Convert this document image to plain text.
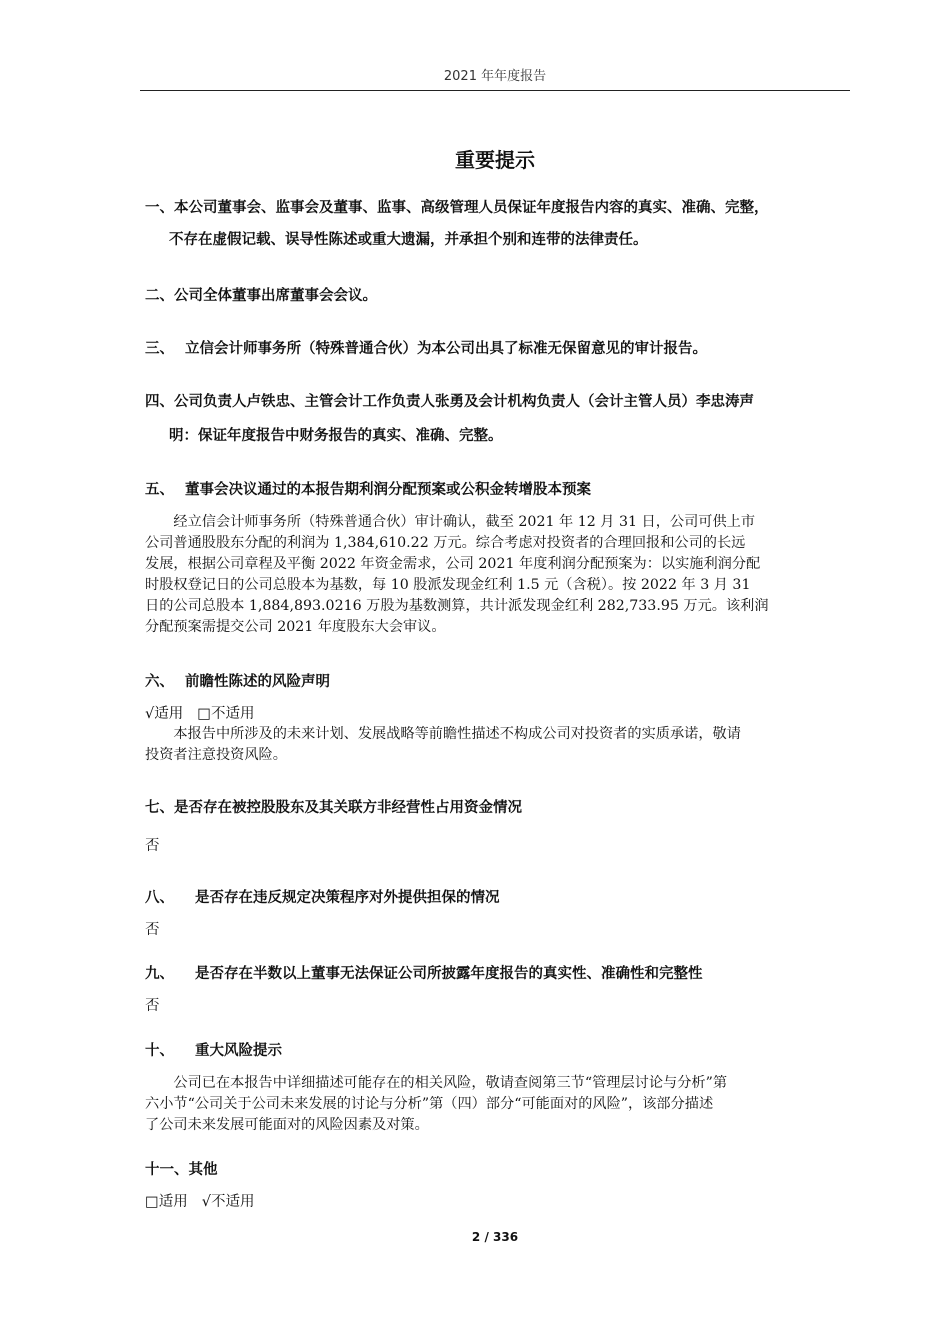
2021 年年度报告
重要提示
一、本公司董事会、监事会及董事、监事、高级管理人员保证年度报告内容的真实、准确、完整，
不存在虚假记载、误导性陈述或重大遗漏，并承担个别和连带的法律责任。
二、公司全体董事出席董事会会议。
三、 立信会计师事务所（特殊普通合伙）为本公司出具了标准无保留意见的审计报告。
四、公司负责人卢铁忠、主管会计工作负责人张勇及会计机构负责人（会计主管人员）李忠涛声
明：保证年度报告中财务报告的真实、准确、完整。
五、 董事会决议通过的本报告期利润分配预案或公积金转增股本预案
　　经立信会计师事务所（特殊普通合伙）审计确认，截至 2021 年 12 月 31 日，公司可供上市
公司普通股股东分配的利润为 1,384,610.22 万元。综合考虑对投资者的合理回报和公司的长远
发展，根据公司章程及平衡 2022 年资金需求，公司 2021 年度利润分配预案为：以实施利润分配
时股权登记日的公司总股本为基数，每 10 股派发现金红利 1.5 元（含税）。按 2022 年 3 月 31
日的公司总股本 1,884,893.0216 万股为基数测算，共计派发现金红利 282,733.95 万元。该利润
分配预案需提交公司 2021 年度股东大会审议。
六、 前瞻性陈述的风险声明
√适用 □不适用
　　本报告中所涉及的未来计划、发展战略等前瞻性描述不构成公司对投资者的实质承诺，敬请
投资者注意投资风险。
七、是否存在被控股股东及其关联方非经营性占用资金情况
否
八、 是否存在违反规定决策程序对外提供担保的情况
否
九、 是否存在半数以上董事无法保证公司所披露年度报告的真实性、准确性和完整性
否
十、 重大风险提示
　　公司已在本报告中详细描述可能存在的相关风险，敬请查阅第三节“管理层讨论与分析”第
六小节“公司关于公司未来发展的讨论与分析”第（四）部分“可能面对的风险”，该部分描述
了公司未来发展可能面对的风险因素及对策。
十一、其他
□适用 √不适用
2 / 336
